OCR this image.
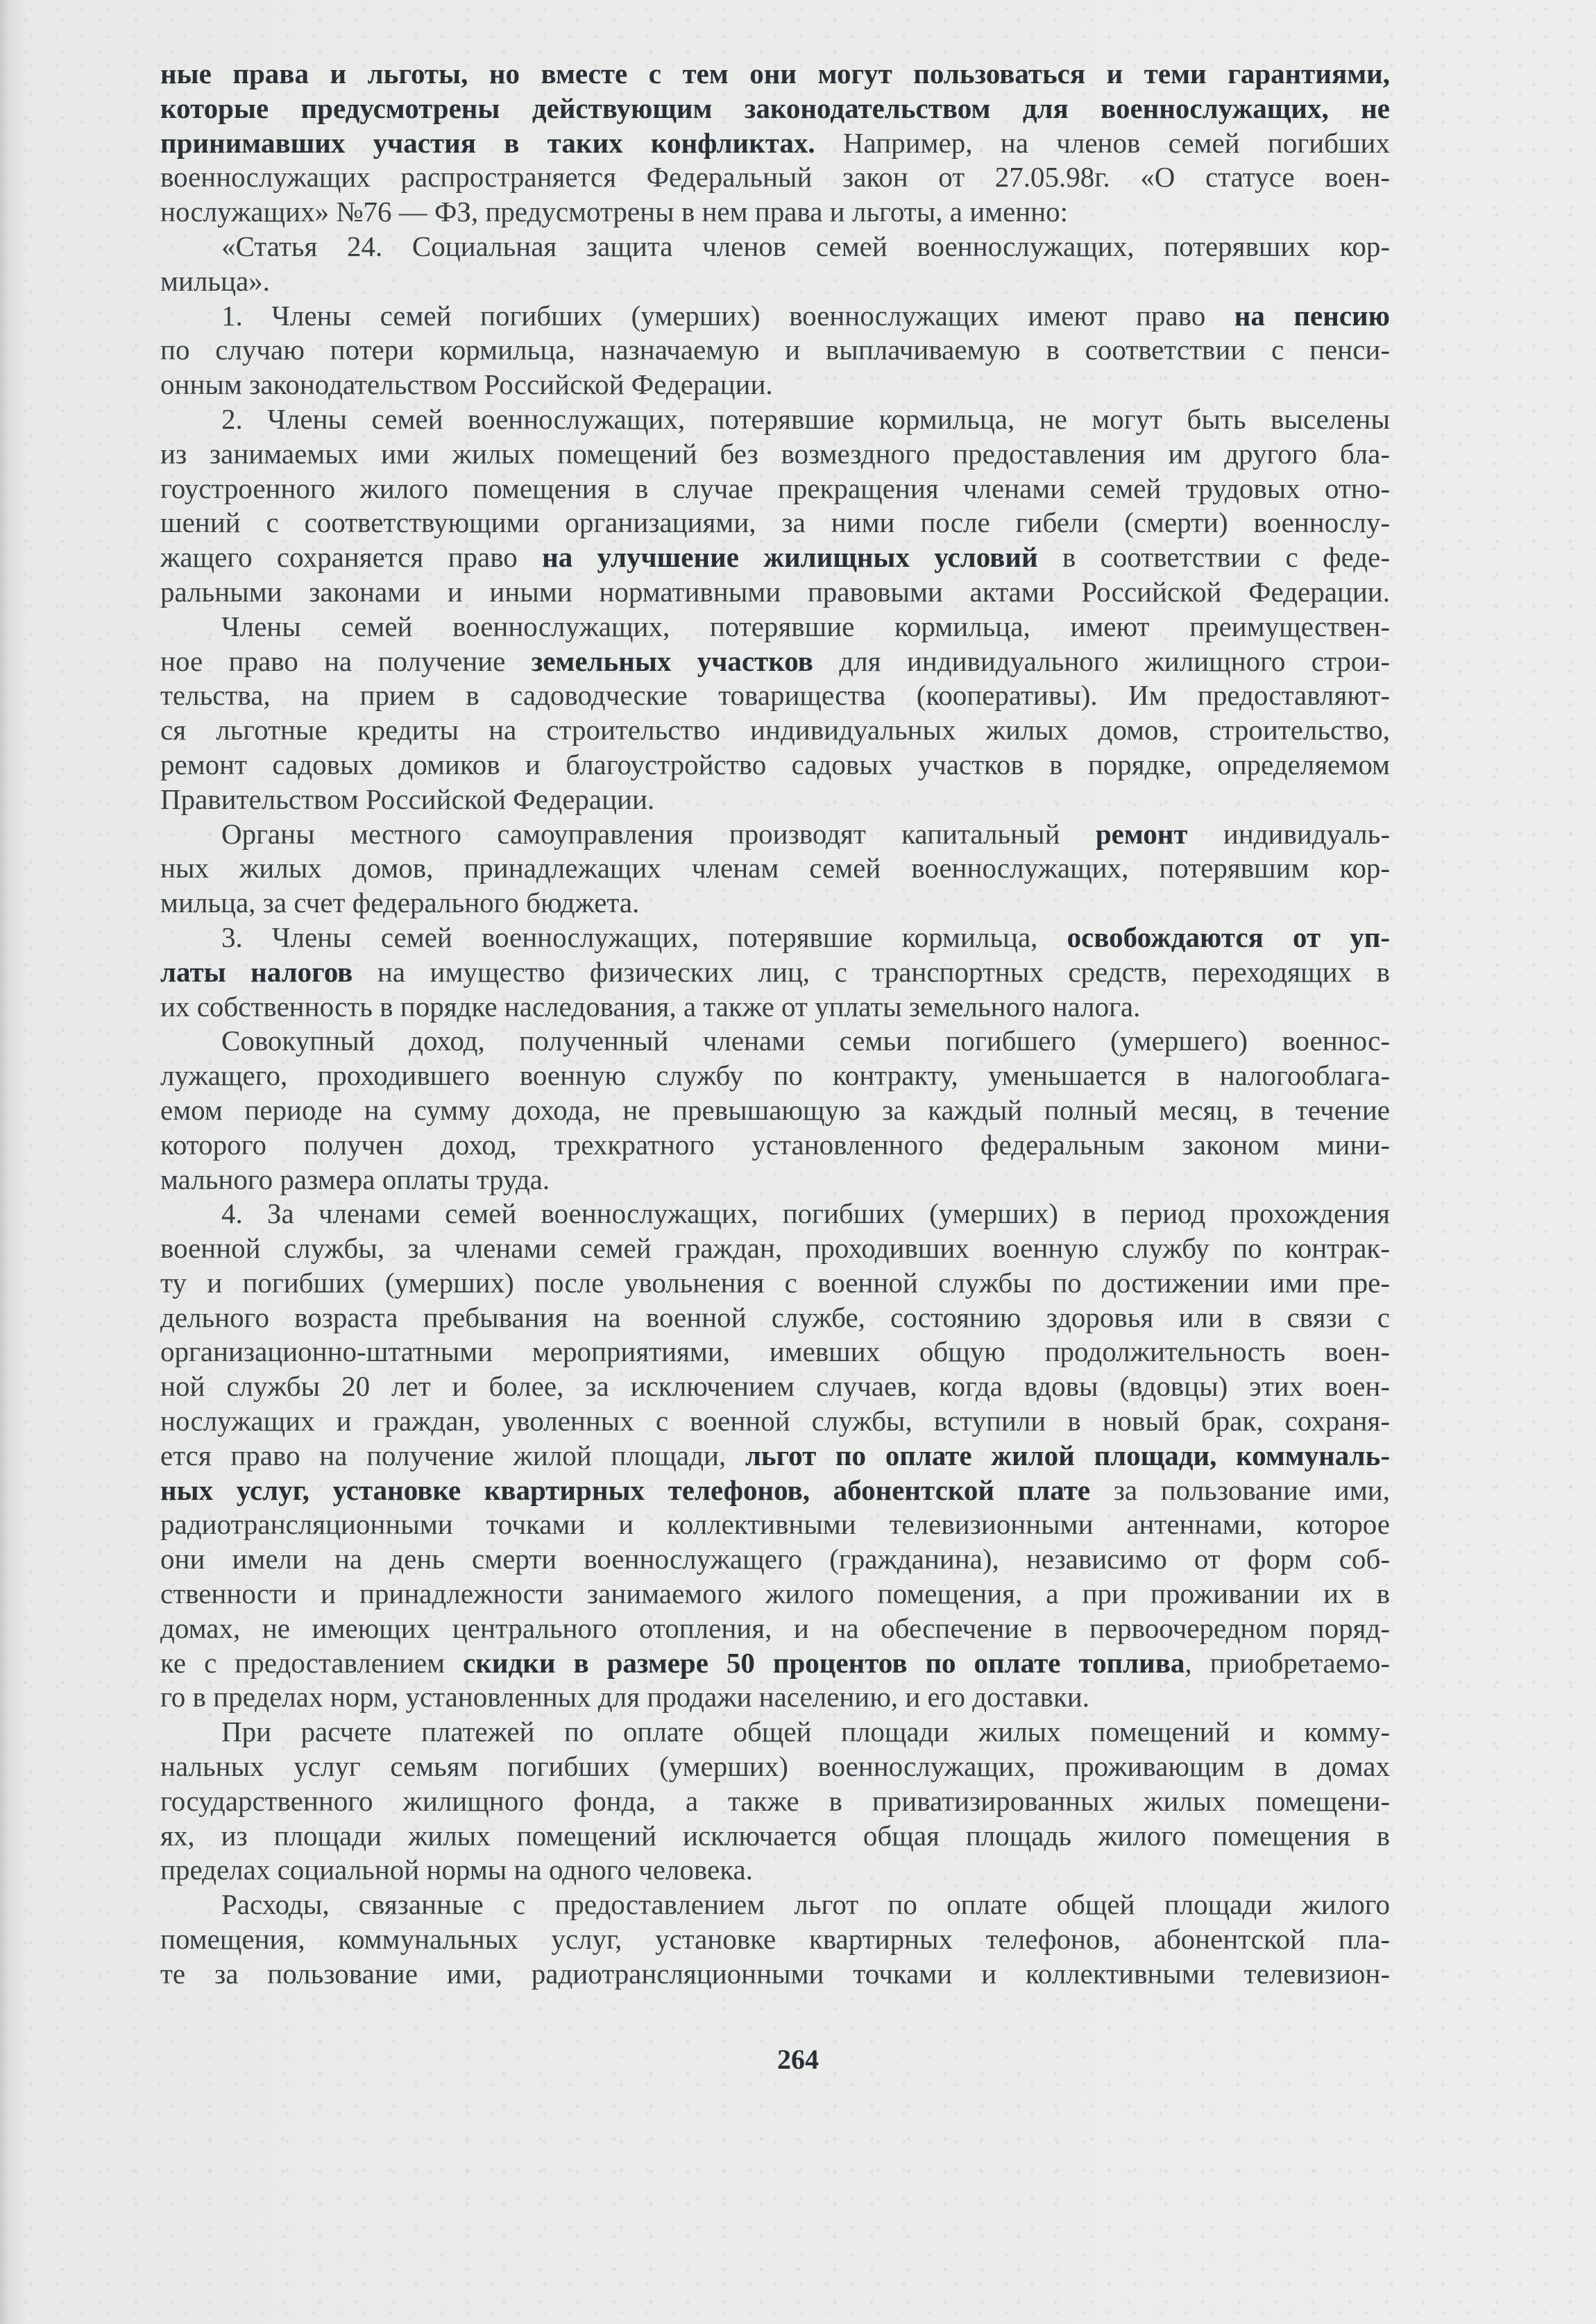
ные права и льготы, но вместе с тем они могут пользоваться и теми гарантиями,
которые предусмотрены действующим законодательством для военнослужащих, не
принимавших участия в таких конфликтах. Например, на членов семей погибших
военнослужащих распространяется Федеральный закон от 27.05.98г. «О статусе воен-
нослужащих» №76 — ФЗ, предусмотрены в нем права и льготы, а именно:
«Статья 24. Социальная защита членов семей военнослужащих, потерявших кор-
мильца».
1. Члены семей погибших (умерших) военнослужащих имеют право на пенсию
по случаю потери кормильца, назначаемую и выплачиваемую в соответствии с пенси-
онным законодательством Российской Федерации.
2. Члены семей военнослужащих, потерявшие кормильца, не могут быть выселены
из занимаемых ими жилых помещений без возмездного предоставления им другого бла-
гоустроенного жилого помещения в случае прекращения членами семей трудовых отно-
шений с соответствующими организациями, за ними после гибели (смерти) военнослу-
жащего сохраняется право на улучшение жилищных условий в соответствии с феде-
ральными законами и иными нормативными правовыми актами Российской Федерации.
Члены семей военнослужащих, потерявшие кормильца, имеют преимуществен-
ное право на получение земельных участков для индивидуального жилищного строи-
тельства, на прием в садоводческие товарищества (кооперативы). Им предоставляют-
ся льготные кредиты на строительство индивидуальных жилых домов, строительство,
ремонт садовых домиков и благоустройство садовых участков в порядке, определяемом
Правительством Российской Федерации.
Органы местного самоуправления производят капитальный ремонт индивидуаль-
ных жилых домов, принадлежащих членам семей военнослужащих, потерявшим кор-
мильца, за счет федерального бюджета.
3. Члены семей военнослужащих, потерявшие кормильца, освобождаются от уп-
латы налогов на имущество физических лиц, с транспортных средств, переходящих в
их собственность в порядке наследования, а также от уплаты земельного налога.
Совокупный доход, полученный членами семьи погибшего (умершего) военнос-
лужащего, проходившего военную службу по контракту, уменьшается в налогооблага-
емом периоде на сумму дохода, не превышающую за каждый полный месяц, в течение
которого получен доход, трехкратного установленного федеральным законом мини-
мального размера оплаты труда.
4. За членами семей военнослужащих, погибших (умерших) в период прохождения
военной службы, за членами семей граждан, проходивших военную службу по контрак-
ту и погибших (умерших) после увольнения с военной службы по достижении ими пре-
дельного возраста пребывания на военной службе, состоянию здоровья или в связи с
организационно-штатными мероприятиями, имевших общую продолжительность воен-
ной службы 20 лет и более, за исключением случаев, когда вдовы (вдовцы) этих воен-
нослужащих и граждан, уволенных с военной службы, вступили в новый брак, сохраня-
ется право на получение жилой площади, льгот по оплате жилой площади, коммуналь-
ных услуг, установке квартирных телефонов, абонентской плате за пользование ими,
радиотрансляционными точками и коллективными телевизионными антеннами, которое
они имели на день смерти военнослужащего (гражданина), независимо от форм соб-
ственности и принадлежности занимаемого жилого помещения, а при проживании их в
домах, не имеющих центрального отопления, и на обеспечение в первоочередном поряд-
ке с предоставлением скидки в размере 50 процентов по оплате топлива, приобретаемо-
го в пределах норм, установленных для продажи населению, и его доставки.
При расчете платежей по оплате общей площади жилых помещений и комму-
нальных услуг семьям погибших (умерших) военнослужащих, проживающим в домах
государственного жилищного фонда, а также в приватизированных жилых помещени-
ях, из площади жилых помещений исключается общая площадь жилого помещения в
пределах социальной нормы на одного человека.
Расходы, связанные с предоставлением льгот по оплате общей площади жилого
помещения, коммунальных услуг, установке квартирных телефонов, абонентской пла-
те за пользование ими, радиотрансляционными точками и коллективными телевизион-
264
